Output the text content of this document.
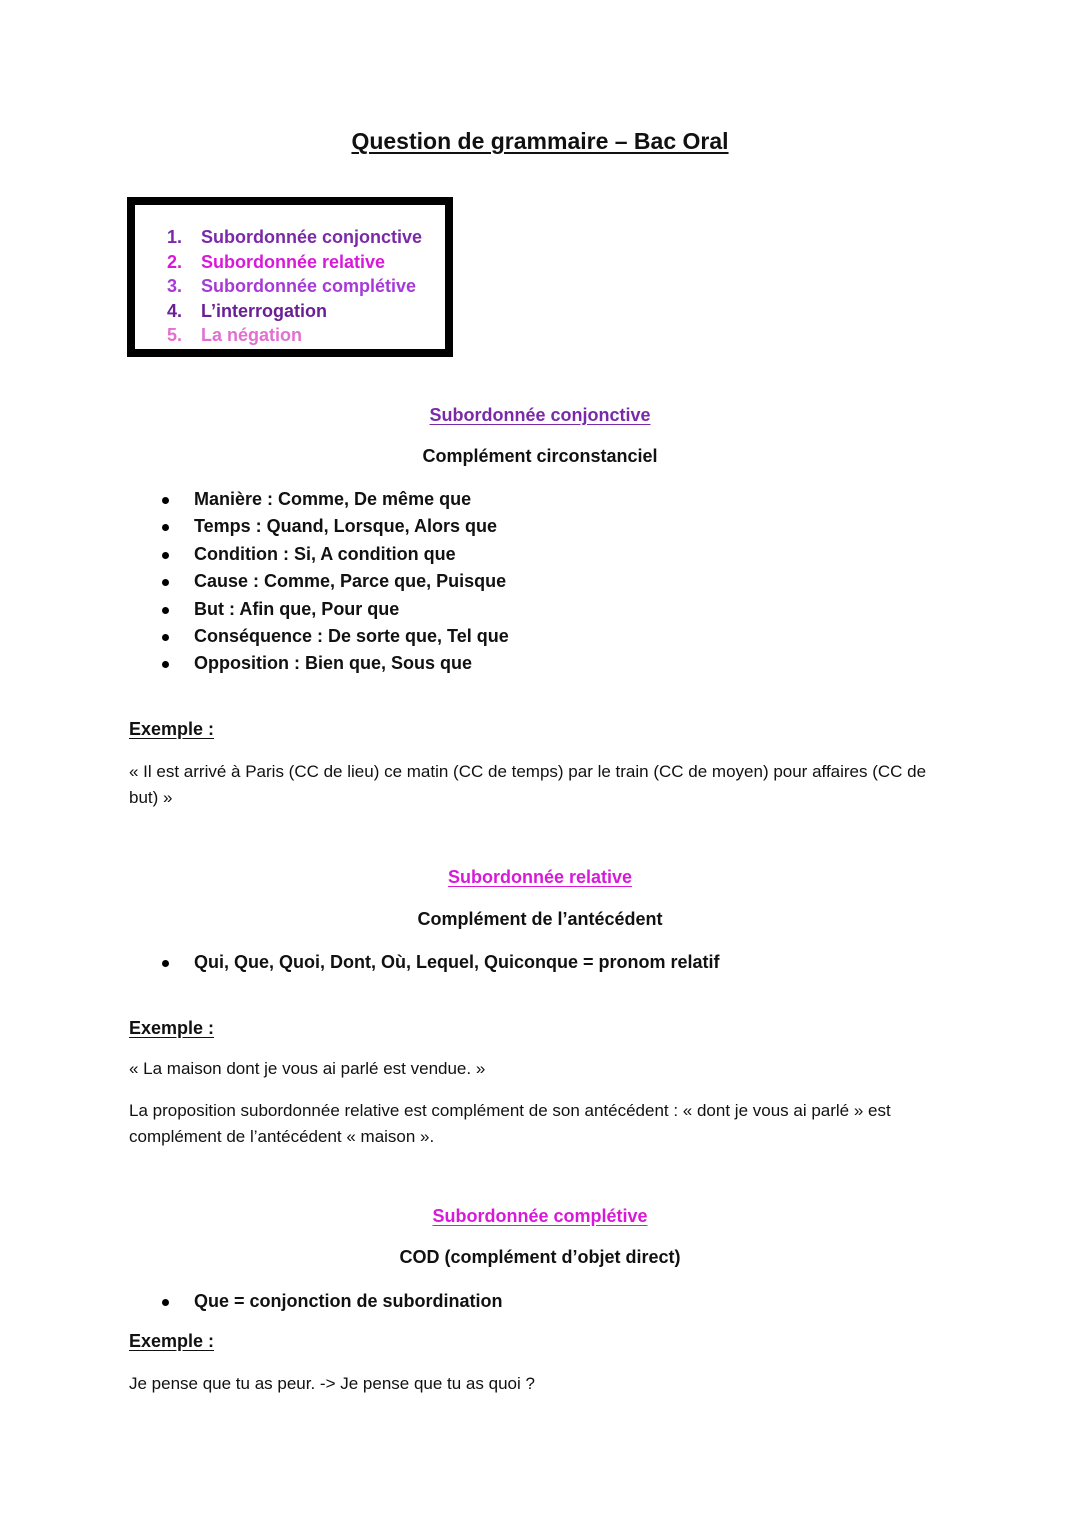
Question de grammaire – Bac Oral
1. Subordonnée conjonctive
2. Subordonnée relative
3. Subordonnée complétive
4. L’interrogation
5. La négation
Subordonnée conjonctive

Complément circonstanciel

Manière : Comme, De même que
Temps : Quand, Lorsque, Alors que
Condition : Si, A condition que
Cause : Comme, Parce que, Puisque
But : Afin que, Pour que
Conséquence : De sorte que, Tel que
Opposition : Bien que, Sous que

Exemple :

« Il est arrivé à Paris (CC de lieu) ce matin (CC de temps) par le train (CC de moyen) pour affaires (CC de but) »

Subordonnée relative

Complément de l’antécédent

Qui, Que, Quoi, Dont, Où, Lequel, Quiconque = pronom relatif

Exemple :

« La maison dont je vous ai parlé est vendue. »

La proposition subordonnée relative est complément de son antécédent : « dont je vous ai parlé » est complément de l’antécédent « maison ».

Subordonnée complétive

COD (complément d’objet direct)

Que = conjonction de subordination

Exemple :

Je pense que tu as peur. -> Je pense que tu as quoi ?
